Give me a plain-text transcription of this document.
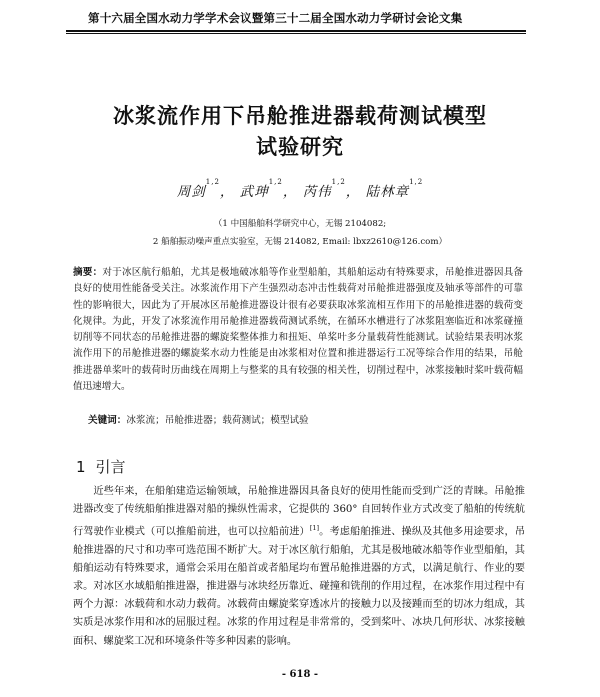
第十六届全国水动力学学术会议暨第三十二届全国水动力学研讨会论文集
冰浆流作用下吊舱推进器载荷测试模型
试验研究
周剑$^{1,2}$， 武珅$^{1,2}$， 芮伟$^{1,2}$， 陆林章$^{1,2}$
（1 中国船舶科学研究中心，无锡 2104082;
2 船舶振动噪声重点实验室，无锡 214082, Email: lbxz2610@126.com）
摘要：对于冰区航行船舶，尤其是极地破冰船等作业型船舶，其船舶运动有特殊要求，吊舱推进器因具备良好的使用性能备受关注。冰浆流作用下产生强烈动态冲击性载荷对吊舱推进器强度及轴承等部件的可靠性的影响很大，因此为了开展冰区吊舱推进器设计很有必要获取冰浆流相互作用下的吊舱推进器的载荷变化规律。为此，开发了冰浆流作用吊舱推进器载荷测试系统，在循环水槽进行了冰浆阻塞临近和冰浆碰撞切削等不同状态的吊舱推进器的螺旋桨整体推力和扭矩、单桨叶多分量载荷性能测试。试验结果表明冰浆流作用下的吊舱推进器的螺旋桨水动力性能是由冰浆相对位置和推进器运行工况等综合作用的结果，吊舱推进器单桨叶的载荷时历曲线在周期上与整桨的具有较强的相关性，切削过程中，冰浆接触时桨叶载荷幅值迅速增大。
关键词：冰浆流；吊舱推进器；载荷测试；模型试验
1 引言
近些年来，在船舶建造运输领域，吊舱推进器因具备良好的使用性能而受到广泛的青睐。吊舱推进器改变了传统船舶推进器对船的操纵性需求，它提供的 360° 自回转作业方式改变了船舶的传统航行驾驶作业模式（可以推船前进，也可以拉船前进）[1]。考虑船舶推进、操纵及其他多用途要求，吊舱推进器的尺寸和功率可选范围不断扩大。对于冰区航行船舶，尤其是极地破冰船等作业型船舶，其船舶运动有特殊要求，通常会采用在船首或者船尾均布置吊舱推进器的方式，以满足航行、作业的要求。 对冰区水域船舶推进器，推进器与冰块经历靠近、碰撞和铣削的作用过程，在冰浆作用过程中有两个力源：冰载荷和水动力载荷。冰载荷由螺旋桨穿透冰片的接触力以及接踵而至的切冰力组成，其实质是冰浆作用和冰的屈服过程。冰浆的作用过程是非常常的，受到桨叶、冰块几何形状、冰浆接触面积、螺旋桨工况和环境条件等多种因素的影响。
- 618 -
